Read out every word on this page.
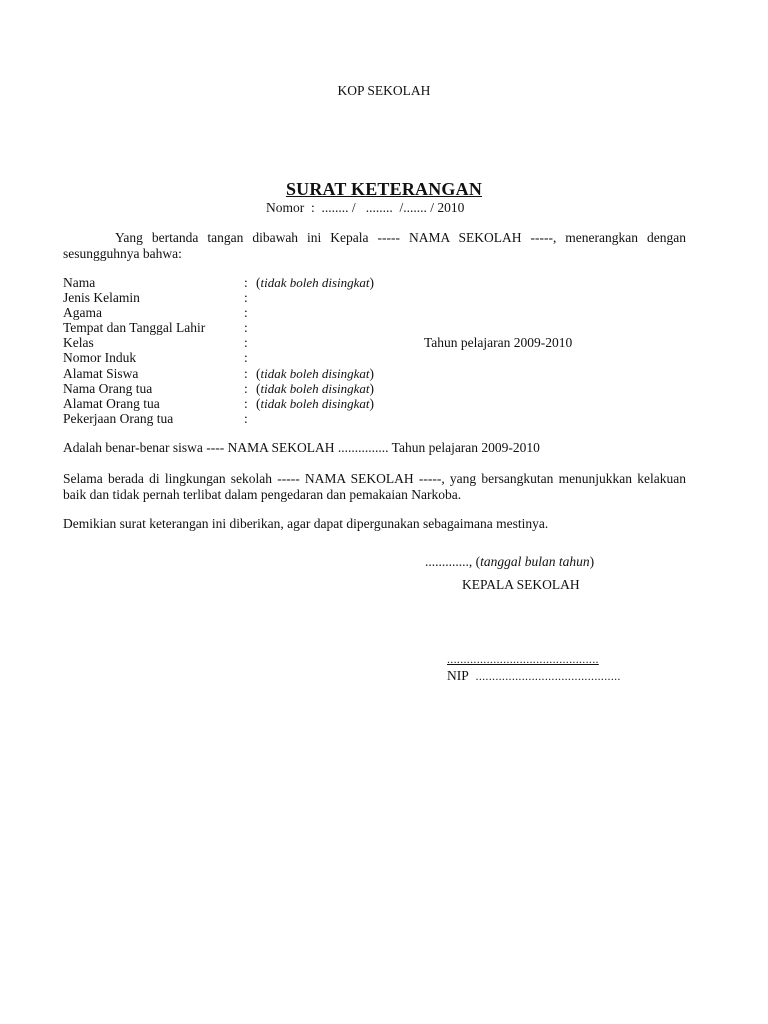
KOP SEKOLAH
SURAT KETERANGAN
Nomor  :  ........ /   ........  /....... / 2010
Yang bertanda tangan dibawah ini Kepala ----- NAMA SEKOLAH -----, menerangkan dengan sesungguhnya bahwa:
Nama	: (tidak boleh disingkat)
Jenis Kelamin	:
Agama	:
Tempat dan Tanggal Lahir	:
Kelas	:	Tahun pelajaran 2009-2010
Nomor Induk	:
Alamat Siswa	: (tidak boleh disingkat)
Nama Orang tua	: (tidak boleh disingkat)
Alamat Orang tua	: (tidak boleh disingkat)
Pekerjaan Orang tua	:
Adalah benar-benar siswa ---- NAMA SEKOLAH ............... Tahun pelajaran 2009-2010
Selama berada di lingkungan sekolah ----- NAMA SEKOLAH -----, yang bersangkutan menunjukkan kelakuan baik dan tidak pernah terlibat dalam pengedaran dan pemakaian Narkoba.
Demikian surat keterangan ini diberikan, agar dapat dipergunakan sebagaimana mestinya.
............., (tanggal bulan tahun)
KEPALA SEKOLAH
..............................................
NIP ............................................
